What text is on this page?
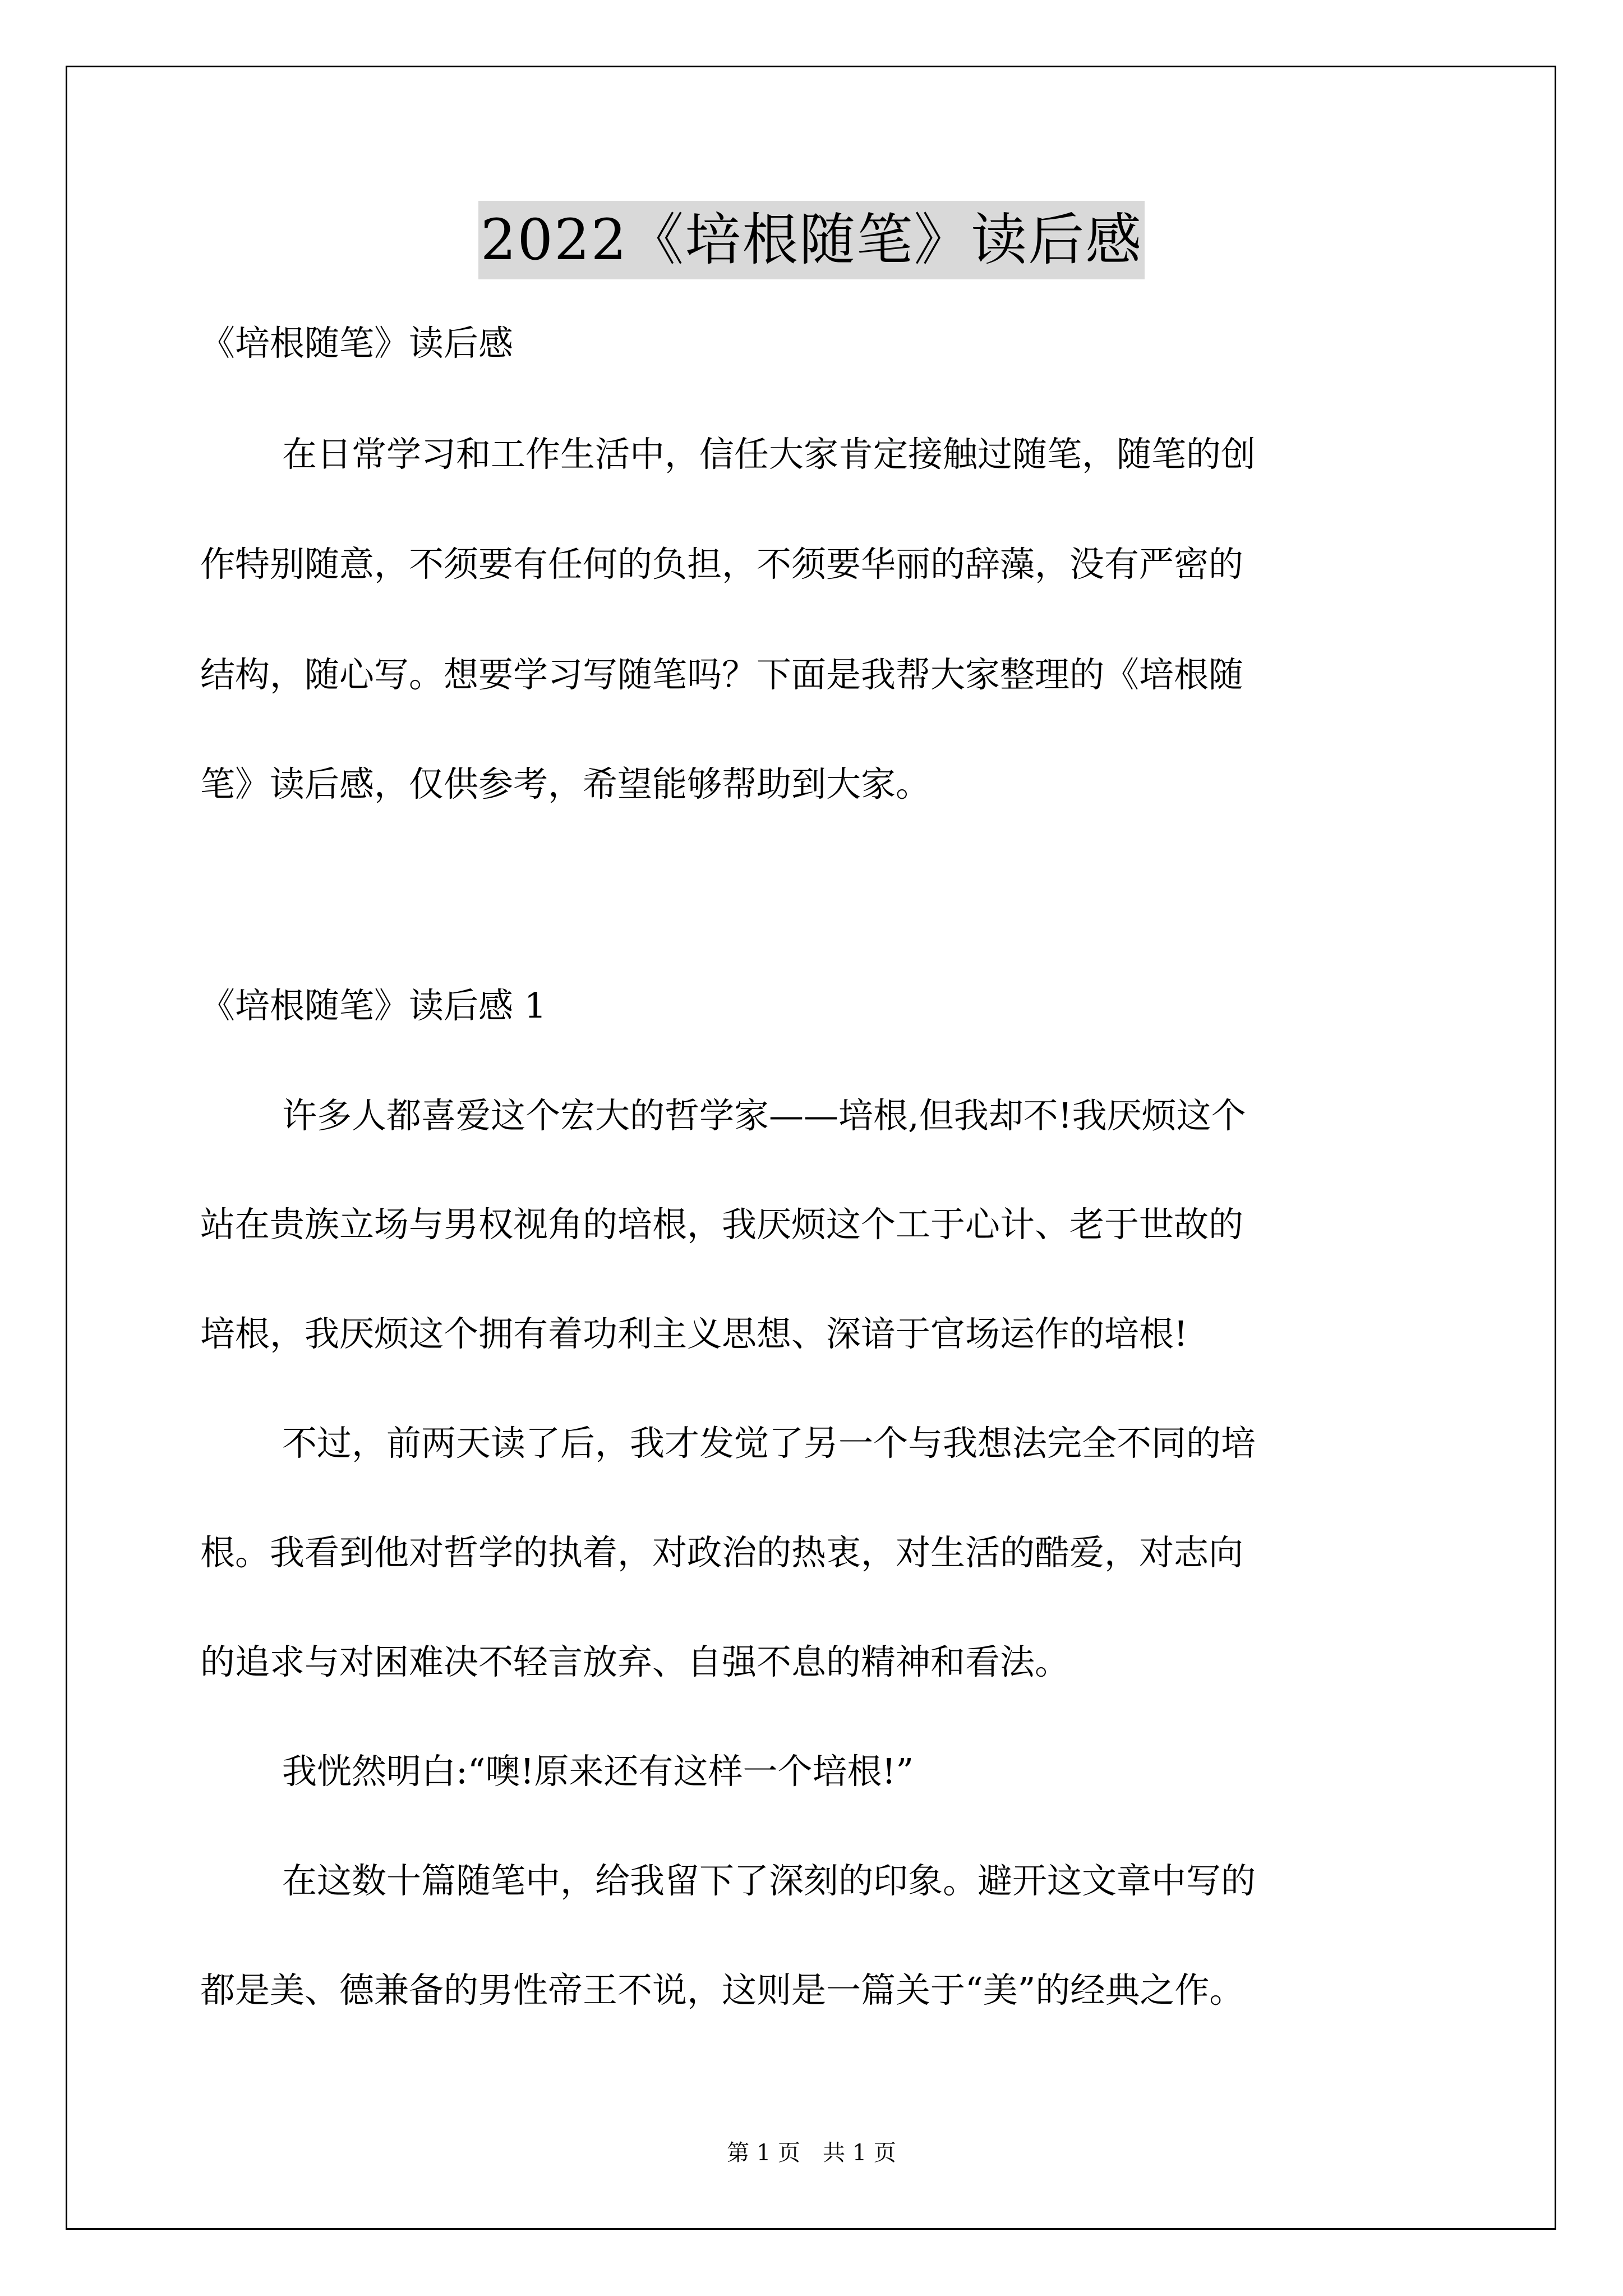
2022《培根随笔》读后感
《培根随笔》读后感
在日常学习和工作生活中，信任大家肯定接触过随笔，随笔的创
作特别随意，不须要有任何的负担，不须要华丽的辞藻，没有严密的
结构，随心写。想要学习写随笔吗？下面是我帮大家整理的《培根随
笔》读后感，仅供参考，希望能够帮助到大家。
《培根随笔》读后感 1
许多人都喜爱这个宏大的哲学家——培根,但我却不!我厌烦这个
站在贵族立场与男权视角的培根，我厌烦这个工于心计、老于世故的
培根，我厌烦这个拥有着功利主义思想、深谙于官场运作的培根!
不过，前两天读了后，我才发觉了另一个与我想法完全不同的培
根。我看到他对哲学的执着，对政治的热衷，对生活的酷爱，对志向
的追求与对困难决不轻言放弃、自强不息的精神和看法。
我恍然明白:“噢!原来还有这样一个培根!”
在这数十篇随笔中，给我留下了深刻的印象。避开这文章中写的
都是美、德兼备的男性帝王不说，这则是一篇关于“美”的经典之作。
第 1 页　共 1 页
